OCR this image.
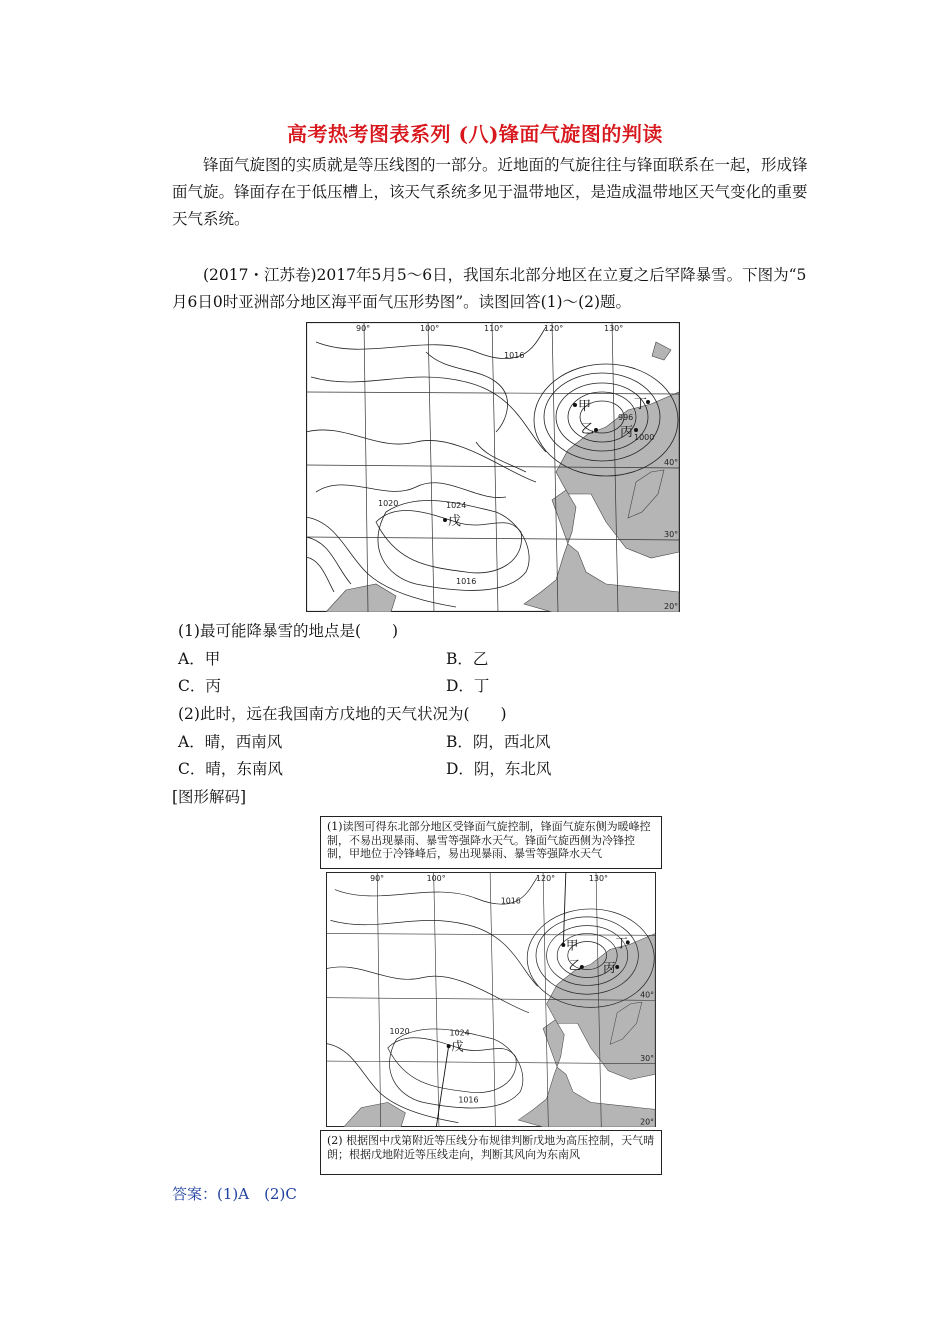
高考热考图表系列 (八)锋面气旋图的判读
锋面气旋图的实质就是等压线图的一部分。近地面的气旋往往与锋面联系在一起，形成锋面气旋。锋面存在于低压槽上，该天气系统多见于温带地区，是造成温带地区天气变化的重要天气系统。
(2017・江苏卷)2017年5月5～6日，我国东北部分地区在立夏之后罕降暴雪。下图为“5月6日0时亚洲部分地区海平面气压形势图”。读图回答(1)～(2)题。
90°	100°	110°	120°	130°
40°
30°
20°
1016
1020	1024
1016
996
1000
甲
乙 丙
丁
戊
(1)最可能降暴雪的地点是(　　)
A．甲	B．乙
C．丙	D．丁
(2)此时，远在我国南方戊地的天气状况为(　　)
A．晴，西南风	B．阴，西北风
C．晴，东南风	D．阴，东北风
[图形解码]
(1)读图可得东北部分地区受锋面气旋控制，锋面气旋东侧为暖峰控制，不易出现暴雨、暴雪等强降水天气。锋面气旋西侧为冷锋控制，甲地位于冷锋峰后，易出现暴雨、暴雪等强降水天气
90°	100°	120°	130°
40°
30°
20°
1016
1020	1024
1016
甲
乙 丙
丁
戊
(2) 根据图中戊第附近等压线分布规律判断戊地为高压控制，天气晴朗；根据戊地附近等压线走向，判断其风向为东南风
答案：(1)A　(2)C
